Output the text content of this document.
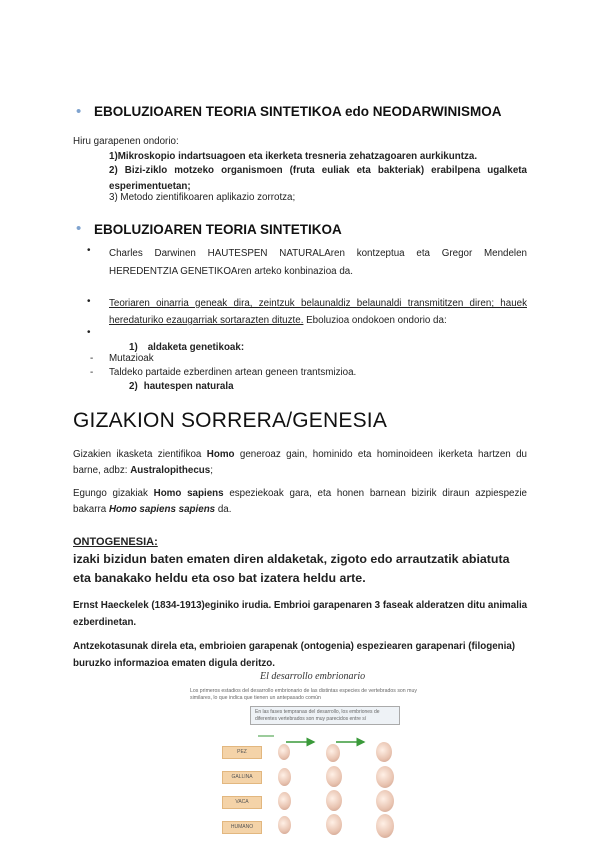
• EBOLUZIOAREN TEORIA SINTETIKOA edo NEODARWINISMOA
Hiru garapenen ondorio:
1)Mikroskopio indartsuagoen eta ikerketa tresneria zehatzagoaren aurkikuntza.
2) Bizi-ziklo motzeko organismoen (fruta euliak eta bakteriak) erabilpena ugalketa esperimentuetan;
3) Metodo zientifikoaren aplikazio zorrotza;
• EBOLUZIOAREN TEORIA SINTETIKOA
• Charles Darwinen HAUTESPEN NATURALAren kontzeptua eta Gregor Mendelen HEREDENTZIA GENETIKOAren arteko konbinazioa da.
• Teoriaren oinarria geneak dira, zeintzuk belaunaldiz belaunaldi transmititzen diren; hauek heredaturiko ezaugarriak sortarazten dituzte. Eboluzioa ondokoen ondorio da:
•
1) aldaketa genetikoak:
- Mutazioak
- Taldeko partaide ezberdinen artean geneen trantsmizioa.
2) hautespen naturala
GIZAKION SORRERA/GENESIA
Gizakien ikasketa zientifikoa Homo generoaz gain, hominido eta hominoideen ikerketa hartzen du barne, adbz: Australopithecus;
Egungo gizakiak Homo sapiens espeziekoak gara, eta honen barnean bizirik diraun azpiespezie bakarra Homo sapiens sapiens da.
ONTOGENESIA:
izaki bizidun baten ematen diren aldaketak, zigoto edo arrautzatik abiatuta eta banakako heldu eta oso bat izatera heldu arte.
Ernst Haeckelek (1834-1913)eginiko irudia. Embrioi garapenaren 3 faseak alderatzen ditu animalia ezberdinetan.
Antzekotasunak direla eta, embrioien garapenak (ontogenia) espeziearen garapenari (filogenia) buruzko informazioa ematen digula deritzo.
El desarrollo embrionario
Los primeros estadios del desarrollo embrionario de las distintas especies de vertebrados son muy similares, lo que indica que tienen un antepasado común
En las fases tempranas del desarrollo, los embriones de diferentes vertebrados son muy parecidos entre sí
PEZ
GALLINA
VACA
HUMANO
